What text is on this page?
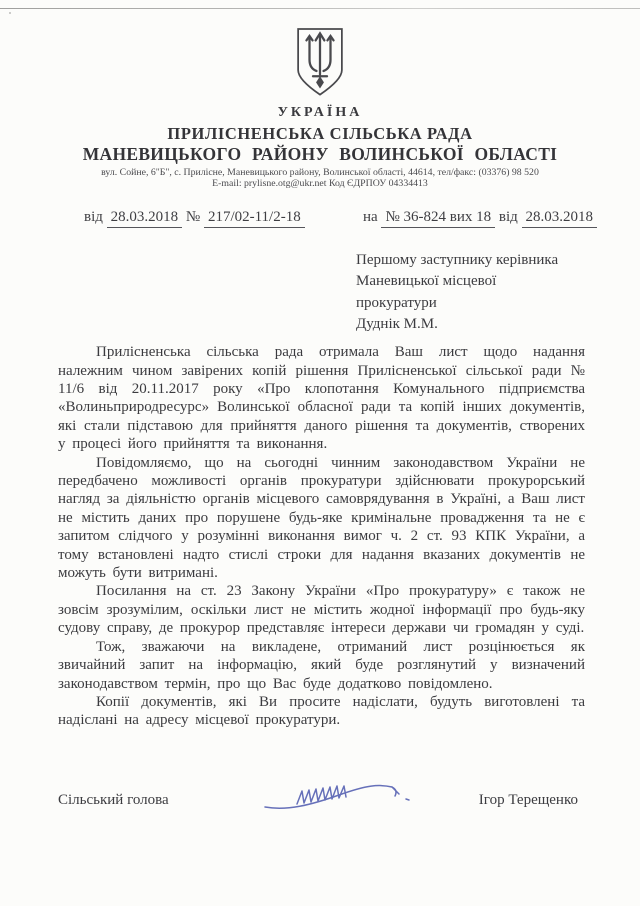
УКРАЇНА
ПРИЛІСНЕНСЬКА СІЛЬСЬКА РАДА
МАНЕВИЦЬКОГО РАЙОНУ ВОЛИНСЬКОЇ ОБЛАСТІ
вул. Сойне, 6"Б", с. Прилісне, Маневицького району, Волинської області, 44614, тел/факс: (03376) 98 520
E-mail: prylisne.otg@ukr.net Код ЄДРПОУ 04334413
від 28.03.2018 № 217/02-11/2-18	на № 36-824 вих 18 від 28.03.2018
Першому заступнику керівника
Маневицької місцевої
прокуратури
Дуднік М.М.

Прилісненська сільська рада отримала Ваш лист щодо надання належним чином завірених копій рішення Прилісненської сільської ради № 11/6 від 20.11.2017 року «Про клопотання Комунального підприємства «Волиньприродресурс» Волинської обласної ради та копій інших документів, які стали підставою для прийняття даного рішення та документів, створених у процесі його прийняття та виконання.

Повідомляємо, що на сьогодні чинним законодавством України не передбачено можливості органів прокуратури здійснювати прокурорський нагляд за діяльністю органів місцевого самоврядування в Україні, а Ваш лист не містить даних про порушене будь-яке кримінальне провадження та не є запитом слідчого у розумінні виконання вимог ч. 2 ст. 93 КПК України, а тому встановлені надто стислі строки для надання вказаних документів не можуть бути витримані.

Посилання на ст. 23 Закону України «Про прокуратуру» є також не зовсім зрозумілим, оскільки лист не містить жодної інформації про будь-яку судову справу, де прокурор представляє інтереси держави чи громадян у суді.

Тож, зважаючи на викладене, отриманий лист розцінюється як звичайний запит на інформацію, який буде розглянутий у визначений законодавством термін, про що Вас буде додатково повідомлено.

Копії документів, які Ви просите надіслати, будуть виготовлені та надіслані на адресу місцевої прокуратури.

Сільський голова	Ігор Терещенко
